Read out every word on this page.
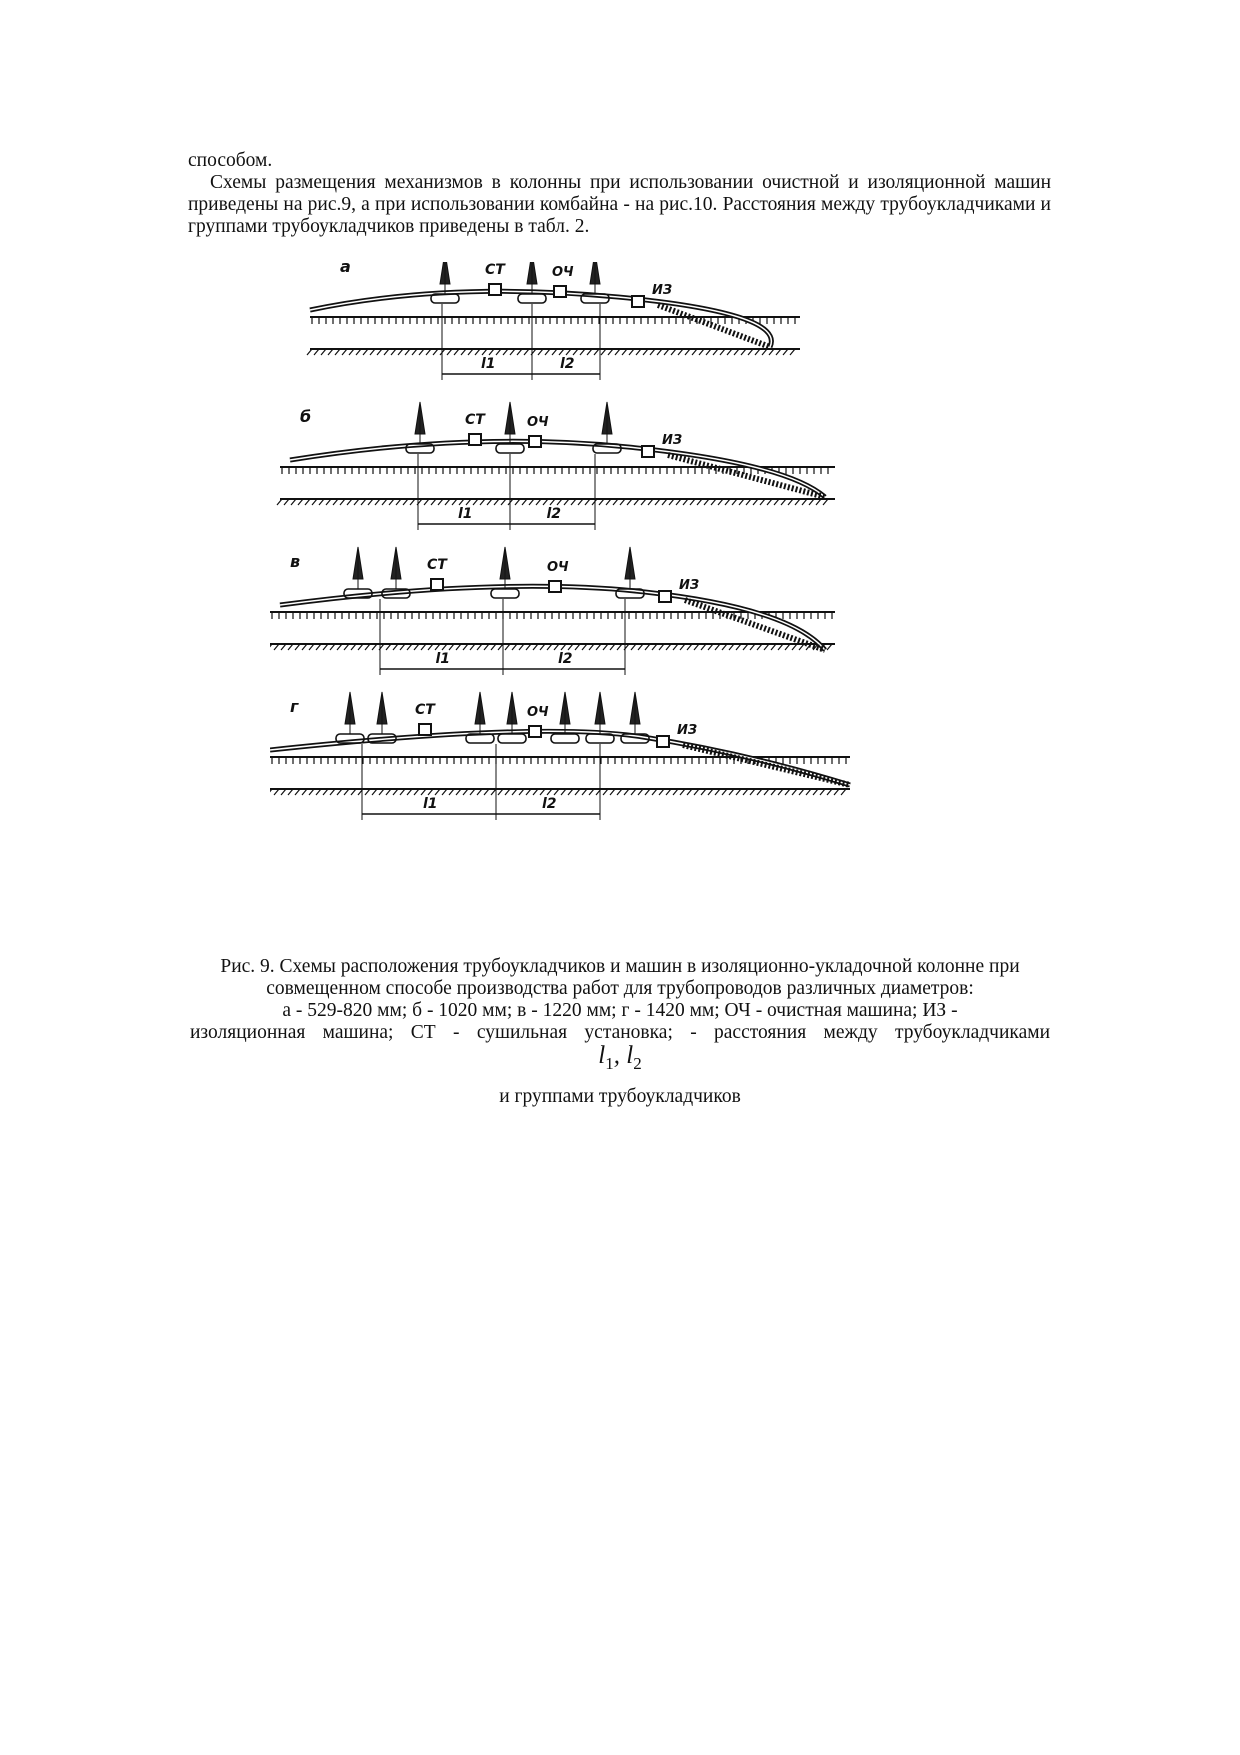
способом.
Схемы размещения механизмов в колонны при использовании очистной и изоляционной машин приведены на рис.9, а при использовании комбайна - на рис.10. Расстояния между трубоукладчиками и группами трубоукладчиков приведены в табл. 2.
а	СТ	ОЧ
ИЗ
l1	l2
б	СТ	ОЧ
ИЗ
l1	l2
в	СТ	ОЧ
ИЗ
l1	l2
г	СТ	ОЧ
ИЗ
l1	l2
Рис. 9. Схемы расположения трубоукладчиков и машин в изоляционно-укладочной колонне при
совмещенном способе производства работ для трубопроводов различных диаметров:
а - 529-820 мм; б - 1020 мм; в - 1220 мм; г - 1420 мм; ОЧ - очистная машина; ИЗ -
изоляционная машина; СТ - сушильная установка; - расстояния между трубоукладчиками
$l_1$, $l_2$
и группами трубоукладчиков
